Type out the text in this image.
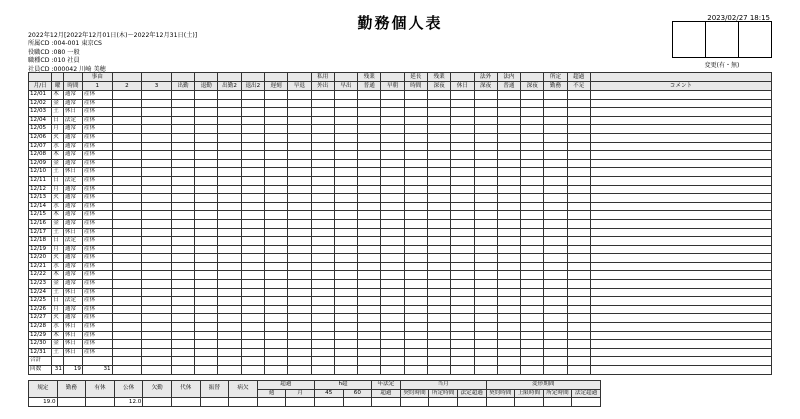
勤務個人表	2023/02/27 18:15
2022年12月[2022年12月01日(木)〜2022年12月31日(土)]
所属CD :004-001 東京CS
役職CD :080 一般
職種CD :010 社員
社員CD :000042 川崎 美穂
変更(有・無)
			事由									私用		残業		延長	残業		法外	法内		所定	超過	
月/日	曜	時間	1	2	3	出勤	退勤	出勤2	退出2	遅刻	早退	外出	早出	普通	早朝	時間	深夜	休日	深夜	普通	深夜	勤務	不足	コメント
12/01	木	通常	産休																					
12/02	金	通常	産休																					
12/03	土	休日	産休																					
12/04	日	法定	産休																					
12/05	月	通常	産休																					
12/06	火	通常	産休																					
12/07	水	通常	産休																					
12/08	木	通常	産休																					
12/09	金	通常	産休																					
12/10	土	休日	産休																					
12/11	日	法定	産休																					
12/12	月	通常	産休																					
12/13	火	通常	産休																					
12/14	水	通常	産休																					
12/15	木	通常	産休																					
12/16	金	通常	産休																					
12/17	土	休日	産休																					
12/18	日	法定	産休																					
12/19	月	通常	産休																					
12/20	火	通常	産休																					
12/21	水	通常	産休																					
12/22	木	通常	産休																					
12/23	金	通常	産休																					
12/24	土	休日	産休																					
12/25	日	法定	産休																					
12/26	月	通常	産休																					
12/27	火	通常	産休																					
12/28	水	休日	産休																					
12/29	木	休日	産休																					
12/30	金	休日	産休																					
12/31	土	休日	産休																					
合計																								
回数	31	19	31																					
規定	勤務	有休	公休	欠勤	代休	振替	病欠	超過		h超		年法定	当月			変形期間			
								週	月	45	60	超過	契約時間	所定時間	法定超過	契約時間	上限時間	所定時間	法定超過
19.0			12.0																
